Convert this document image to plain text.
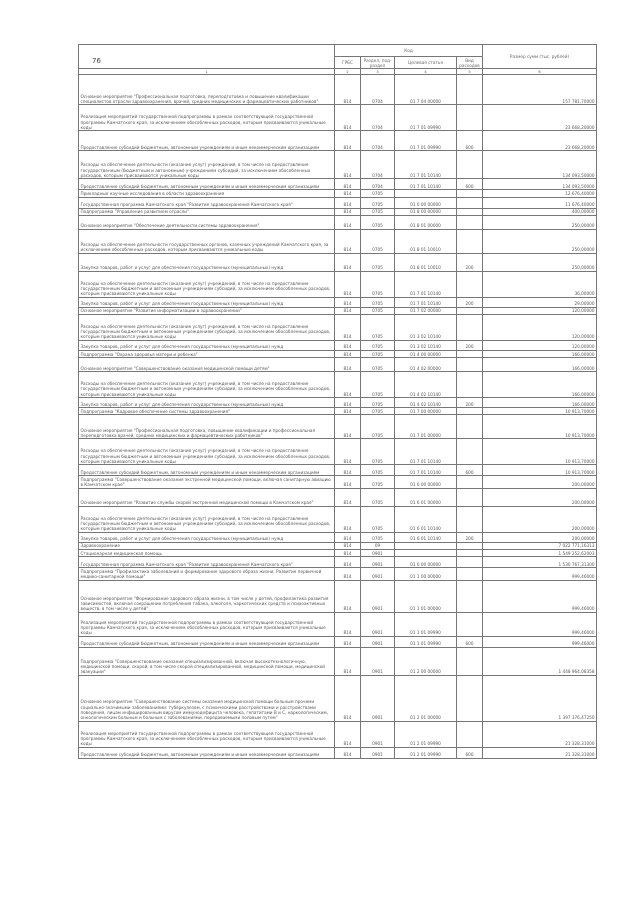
76
	Код				Размер сумм (тыс. рублей)
	ГРБС	Раздел, под-раздел	Целевая статья	Вид расходов	
1	2	3	4	5	6
Основное мероприятие "Профессиональная подготовка, переподготовка и повышение квалификации специалистов отрасли здравоохранения, врачей, средних медицинских и фармацевтических работников"	814	0704	01 7 04 00000		157 781,70000
Реализация мероприятий государственной подпрограммы в рамках соответствующей государственной программы Камчатского края, за исключением обособленных расходов, которым присваиваются уникальные коды	814	0704	01 7 01 09990		23 668,20000
Предоставление субсидий бюджетным, автономным учреждениям и иным некоммерческим организациям	814	0704	01 7 01 09990	600	23 668,20000
Расходы на обеспечение деятельности (оказание услуг) учреждений, в том числе на предоставление государственным (бюджетным и автономным) учреждениям субсидий, за исключением обособленных расходов, которым присваиваются уникальные коды	814	0704	01 7 01 10140		134 093,50000
Предоставление субсидий бюджетным, автономным учреждениям и иным некоммерческим организациям	814	0704	01 7 01 10140	600	134 093,50000
Прикладные научные исследования в области здравоохранения	814	0705			12 676,40000
Государственная программа Камчатского края "Развитие здравоохранения Камчатского края"	814	0705	01 0 00 00000		11 676,40000
Подпрограмма "Управление развитием отрасли"	814	0705	01 8 00 00000		400,00000
Основное мероприятие "Обеспечение деятельности системы здравоохранения"	814	0705	01 8 01 00000		250,00000
Расходы на обеспечение деятельности государственных органов, казенных учреждений Камчатского края, за исключением обособленных расходов, которым присваиваются уникальные коды	814	0705	01 8 01 10010		250,00000
Закупка товаров, работ и услуг для обеспечения государственных (муниципальных) нужд	814	0705	01 8 01 10010	200	250,00000
Расходы на обеспечение деятельности (оказание услуг) учреждений, в том числе на предоставление государственным бюджетным и автономным учреждениям субсидий, за исключением обособленных расходов, которым присваиваются уникальные коды	814	0705	01 7 01 10140		36,00000
Закупка товаров, работ и услуг для обеспечения государственных (муниципальных) нужд	814	0705	01 7 01 10140	200	29,00000
Основное мероприятие "Развитие информатизации в здравоохранении"	814	0705	01 7 02 00000		120,00000
Расходы на обеспечение деятельности (оказание услуг) учреждений, в том числе на предоставление государственным бюджетным и автономным учреждениям субсидий, за исключением обособленных расходов, которым присваиваются уникальные коды	814	0705	01 3 02 10140		120,00000
Закупка товаров, работ и услуг для обеспечения государственных (муниципальных) нужд	814	0705	01 3 02 10140	200	120,00000
Подпрограмма "Охрана здоровья матери и ребенка"	814	0705	01 4 00 00000		166,00000
Основное мероприятие "Совершенствование оказания медицинской помощи детям"	814	0705	01 4 02 00000		166,00000
Расходы на обеспечение деятельности (оказание услуг) учреждений, в том числе на предоставление государственным бюджетным и автономным учреждениям субсидий, за исключением обособленных расходов, которым присваиваются уникальные коды	814	0705	01 4 02 10140		166,00000
Закупка товаров, работ и услуг для обеспечения государственных (муниципальных) нужд	814	0705	01 4 02 10140	200	166,00000
Подпрограмма "Кадровое обеспечение системы здравоохранения"	814	0705	01 7 00 00000		10 913,70000
Основное мероприятие "Профессиональная подготовка, повышение квалификации и профессиональная переподготовка врачей, средних медицинских и фармацевтических работников"	814	0705	01 7 01 00000		10 913,70000
Расходы на обеспечение деятельности (оказание услуг) учреждений, в том числе на предоставление государственным бюджетным и автономным учреждениям субсидий, за исключением обособленных расходов, которым присваиваются уникальные коды	814	0705	01 7 01 10140		10 913,70000
Предоставление субсидий бюджетным, автономным учреждениям и иным некоммерческим организациям	814	0705	01 7 01 10140	600	10 913,70000
Подпрограмма "Совершенствование оказания экстренной медицинской помощи, включая санитарную авиацию в Камчатском крае"	814	0705	01 6 00 00000		200,00000
Основное мероприятие "Развитие службы скорой экстренной медицинской помощи в Камчатском крае"	814	0705	01 6 01 00000		200,00000
Расходы на обеспечение деятельности (оказание услуг) учреждений, в том числе на предоставление государственным бюджетным и автономным учреждениям субсидий, за исключением обособленных расходов, которым присваиваются уникальные коды	814	0705	01 6 01 10140		200,00000
Закупка товаров, работ и услуг для обеспечения государственных (муниципальных) нужд	814	0705	01 6 01 10140	200	200,00000
Здравоохранение	814	09			7 022 771,16313
Стационарная медицинская помощь	814	0901			1 549 252,62003
Государственная программа Камчатского края "Развитие здравоохранения Камчатского края"	814	0901	01 0 00 00000		1 530 767,31300
Подпрограмма "Профилактика заболеваний и формирование здорового образа жизни. Развитие первичной медико-санитарной помощи"	814	0901	01 1 00 00000		999,46000
Основное мероприятие "Формирование здорового образа жизни, в том числе у детей, профилактика развития зависимостей, включая сокращение потребления табака, алкоголя, наркотических средств и психоактивных веществ, в том числе у детей"	814	0901	01 1 01 00000		999,46000
Реализация мероприятий государственной подпрограммы в рамках соответствующей государственной программы Камчатского края, за исключением обособленных расходов, которым присваиваются уникальные коды	814	0901	01 1 01 09990		999,46000
Предоставление субсидий бюджетным, автономным учреждениям и иным некоммерческим организациям	814	0901	01 1 01 09990	600	999,46000
Подпрограмма "Совершенствование оказания специализированной, включая высокотехнологичную, медицинской помощи, скорой, в том числе скорой специализированной, медицинской помощи, медицинской эвакуации"	814	0901	01 2 00 00000		1 448 964,08358
Основное мероприятие "Совершенствование системы оказания медицинской помощи больным прочими социально-значимыми заболеваниями: туберкулезом, с психическими расстройствами и расстройствами поведения, лицам инфицированным вирусом иммунодефицита человека, гепатитами B и C, наркологическим, онкологическим больным и больным с заболеваниями, передаваемыми половым путем"	814	0901	01 2 01 00000		1 397 376,47250
Реализация мероприятий государственной подпрограммы в рамках соответствующей государственной программы Камчатского края, за исключением обособленных расходов, которым присваиваются уникальные коды	814	0901	01 2 01 09990		21 328,31000
Предоставление субсидий бюджетным, автономным учреждениям и иным некоммерческим организациям	814	0901	01 2 01 09990	600	21 328,31000
